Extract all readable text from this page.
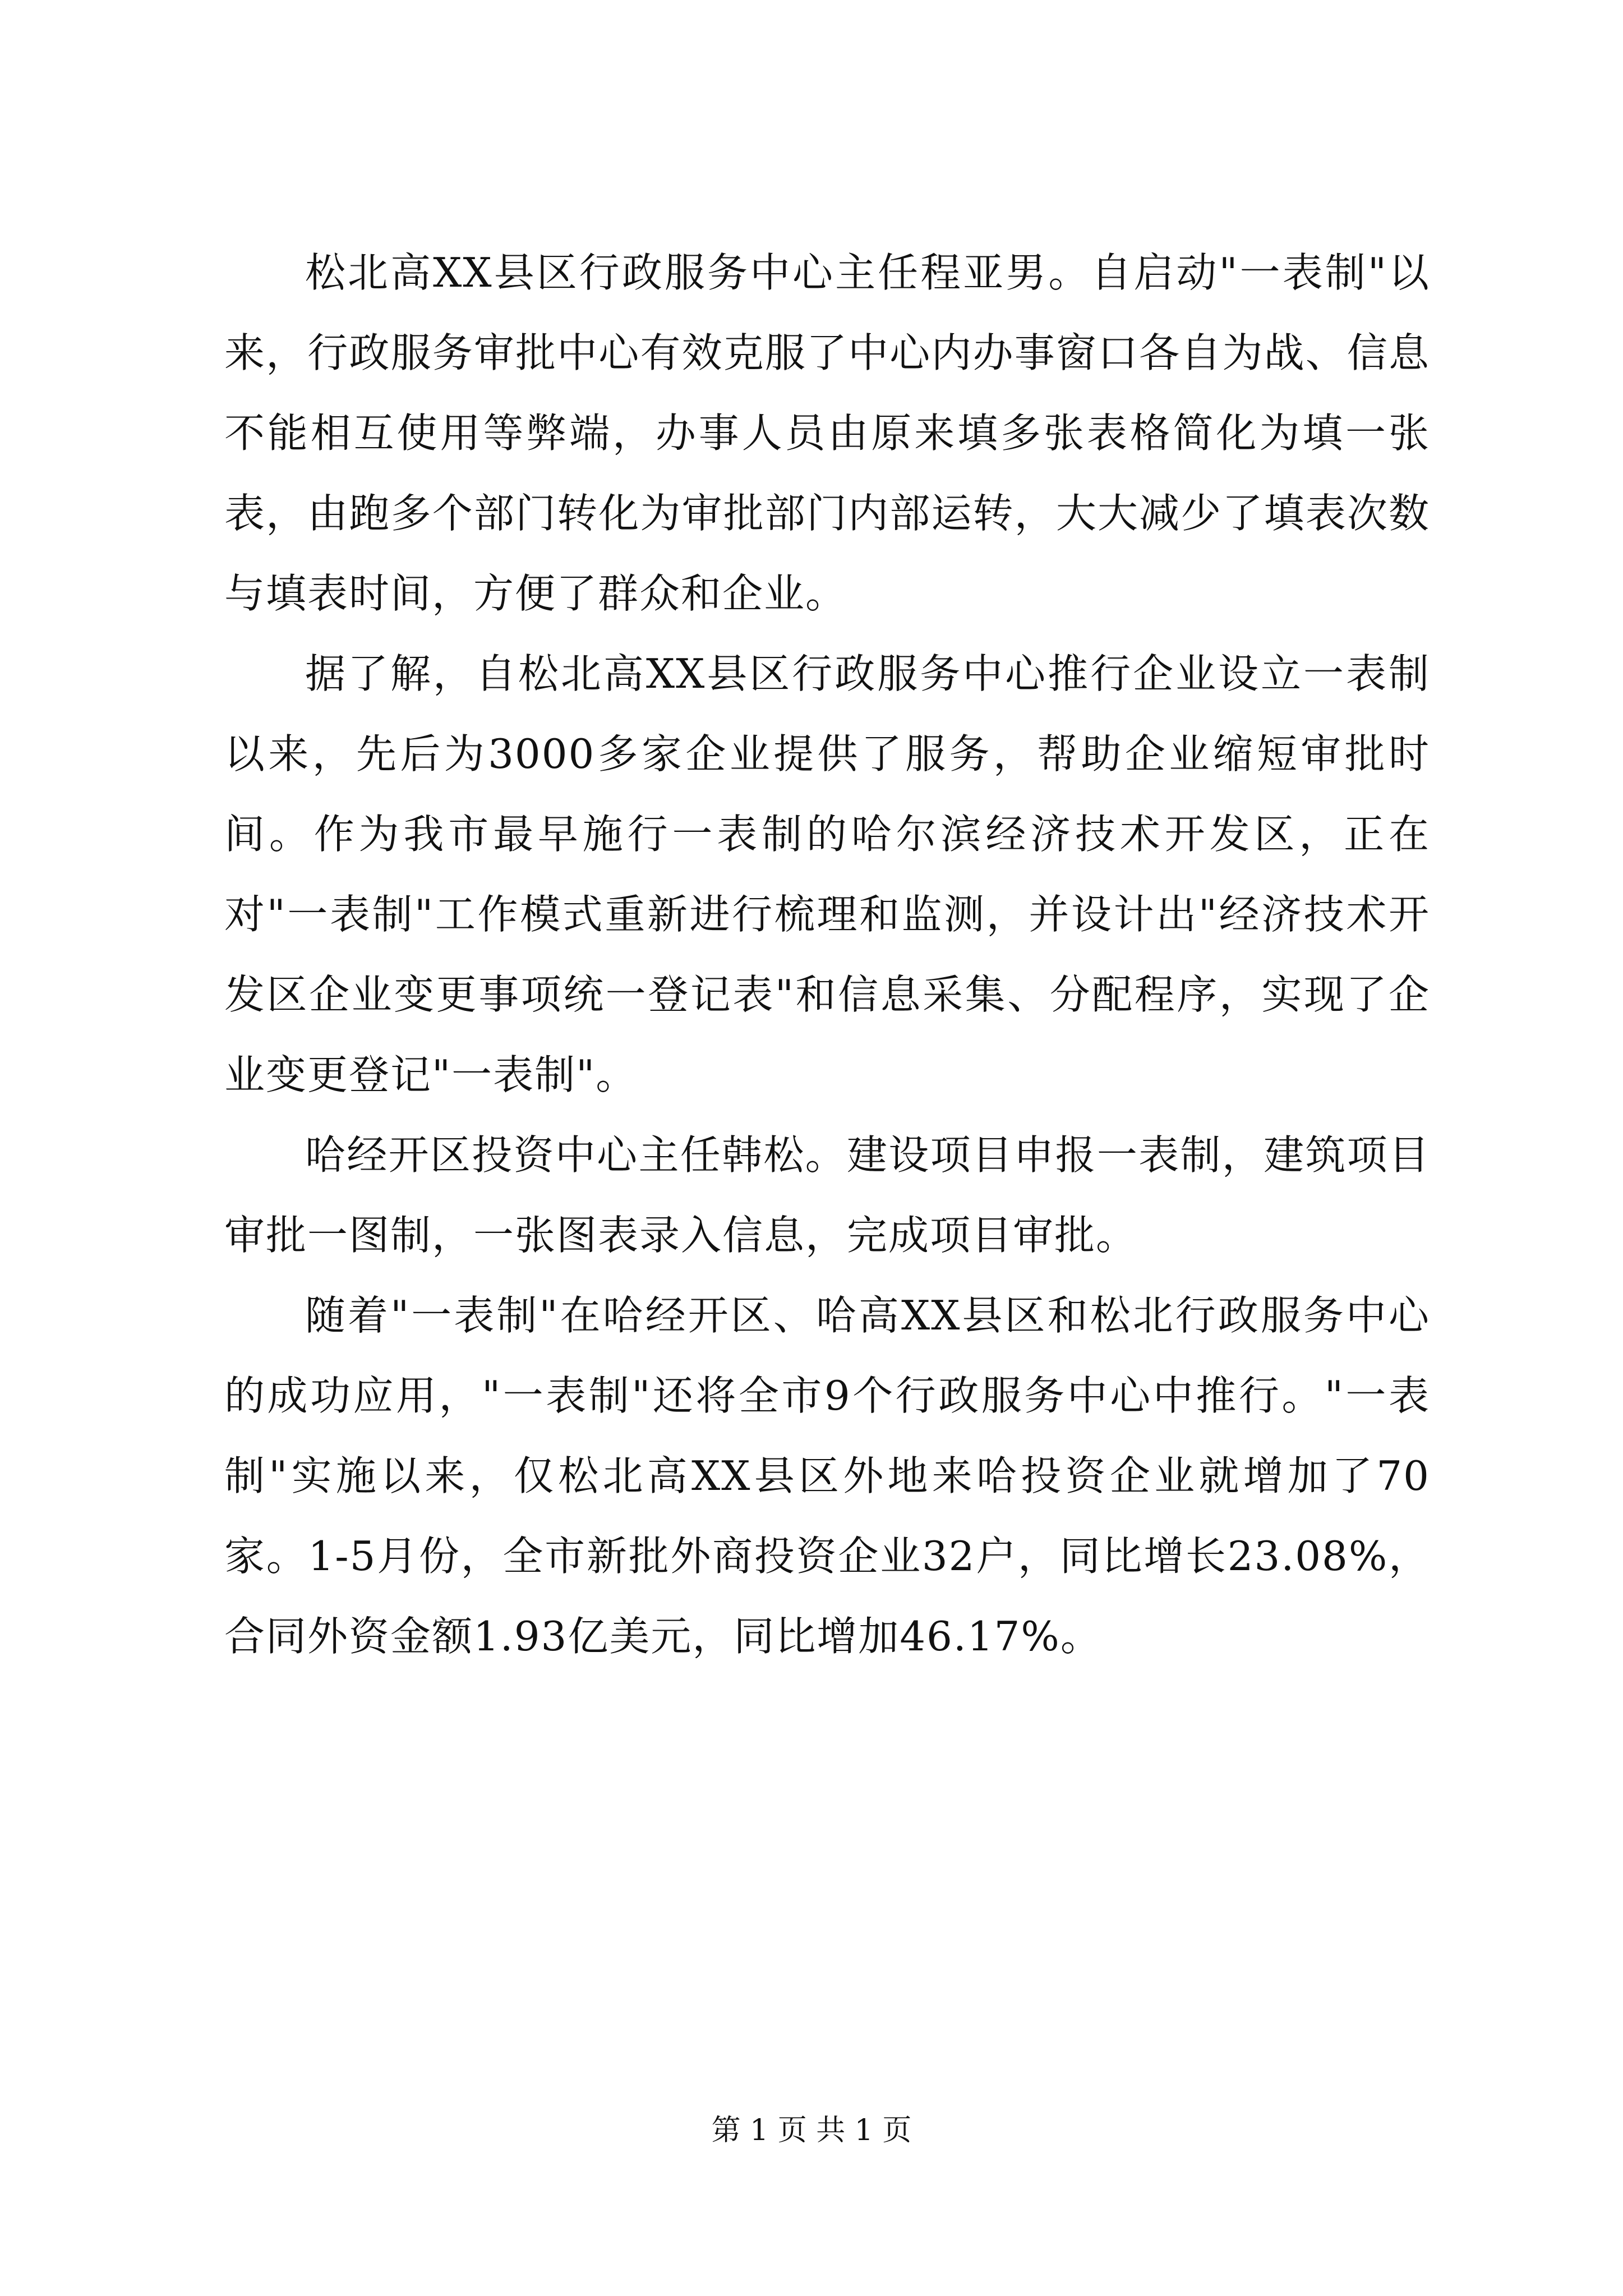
松北高XX县区行政服务中心主任程亚男。自启动"一表制"以来，行政服务审批中心有效克服了中心内办事窗口各自为战、信息不能相互使用等弊端，办事人员由原来填多张表格简化为填一张表，由跑多个部门转化为审批部门内部运转，大大减少了填表次数与填表时间，方便了群众和企业。

据了解，自松北高XX县区行政服务中心推行企业设立一表制以来，先后为3000多家企业提供了服务，帮助企业缩短审批时间。作为我市最早施行一表制的哈尔滨经济技术开发区，正在对"一表制"工作模式重新进行梳理和监测，并设计出"经济技术开发区企业变更事项统一登记表"和信息采集、分配程序，实现了企业变更登记"一表制"。

哈经开区投资中心主任韩松。建设项目申报一表制，建筑项目审批一图制，一张图表录入信息，完成项目审批。

随着"一表制"在哈经开区、哈高XX县区和松北行政服务中心的成功应用，"一表制"还将全市9个行政服务中心中推行。"一表制"实施以来，仅松北高XX县区外地来哈投资企业就增加了70家。1-5月份，全市新批外商投资企业32户，同比增长23.08%，合同外资金额1.93亿美元，同比增加46.17%。

第 1 页 共 1 页
